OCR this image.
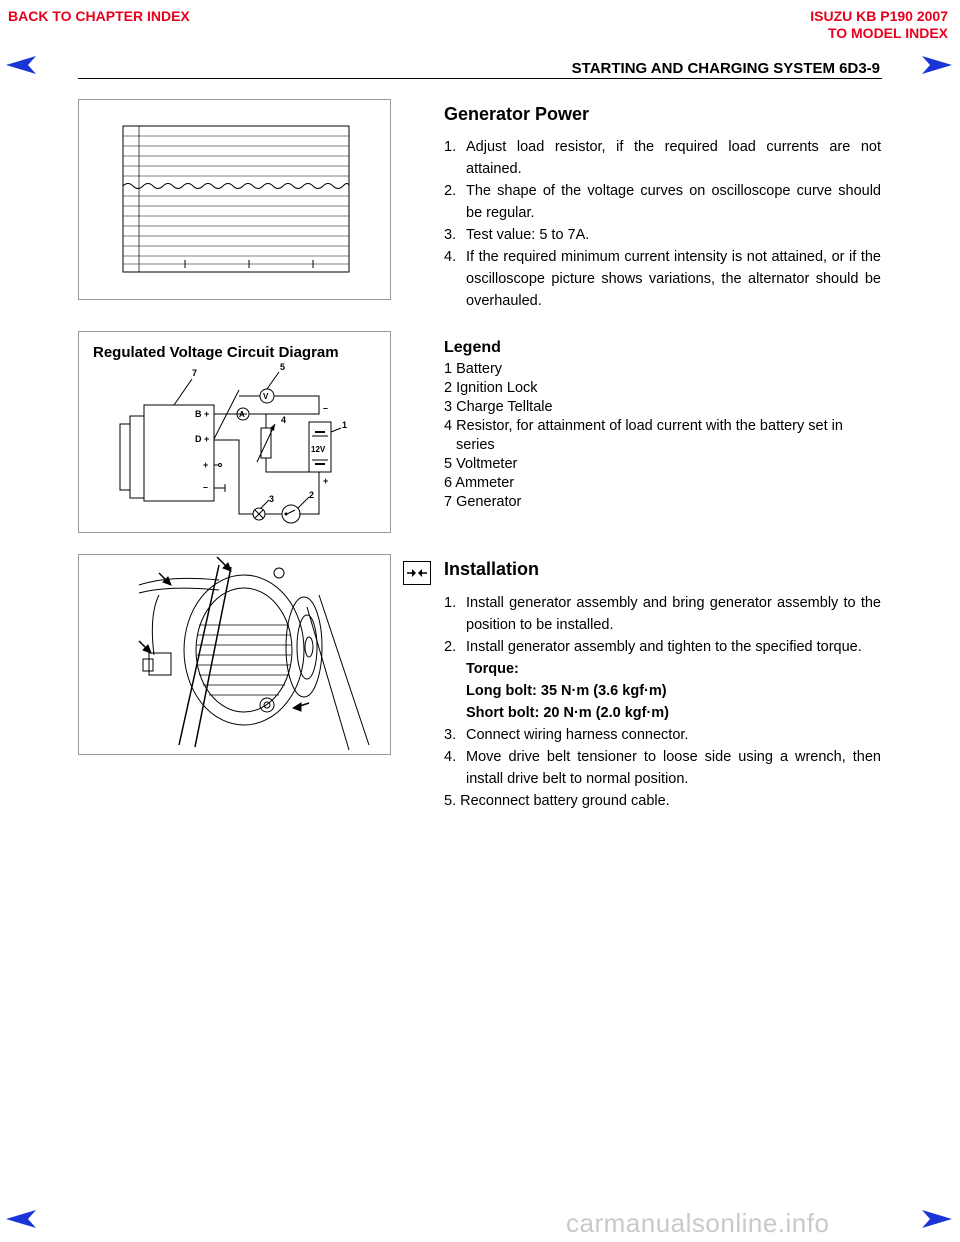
BACK TO CHAPTER INDEX	ISUZU KB P190 2007
TO MODEL INDEX
STARTING AND CHARGING SYSTEM 6D3-9
Generator Power
1. Adjust load resistor, if the required load currents are not attained.
2. The shape of the voltage curves on oscilloscope curve should be regular.
3. Test value: 5 to 7A.
4. If the required minimum current intensity is not attained, or if the oscilloscope picture shows variations, the alternator should be overhauled.
Regulated Voltage Circuit Diagram
B +
D +
+
–
7
A
V
5
4
12V
–
+
1
2
3
Legend
1 Battery
2 Ignition Lock
3 Charge Telltale
4 Resistor, for attainment of load current with the battery set in
series
5 Voltmeter
6 Ammeter
7 Generator
Installation
1. Install generator assembly and bring generator assembly to the position to be installed.
2. Install generator assembly and tighten to the specified torque.
Torque:
Long bolt: 35 N·m (3.6 kgf·m)
Short bolt: 20 N·m (2.0 kgf·m)
3. Connect wiring harness connector.
4. Move drive belt tensioner to loose side using a wrench, then install drive belt to normal position.
5. Reconnect battery ground cable.
carmanualsonline.info
